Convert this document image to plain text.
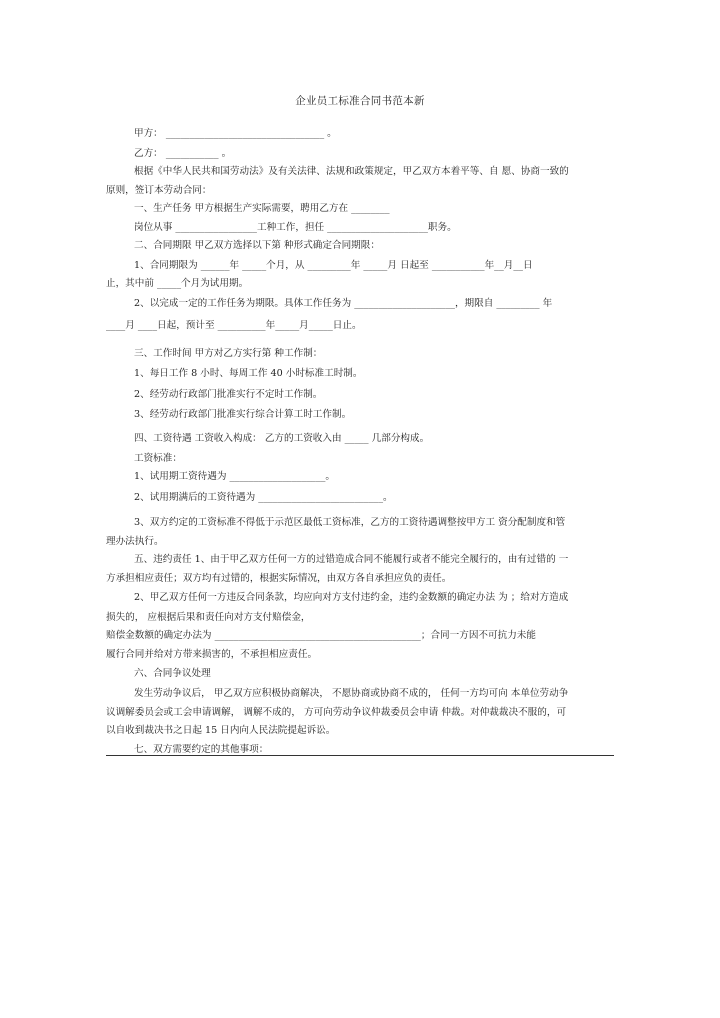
企业员工标准合同书范本新
甲方： _________________________________ 。
乙方： ___________ 。
根据《中华人民共和国劳动法》及有关法律、法规和政策规定，甲乙双方本着平等、自 愿、协商一致的
原则，签订本劳动合同：
一、生产任务 甲方根据生产实际需要，聘用乙方在 ________
岗位从事 _________________工种工作，担任 _____________________职务。
二、合同期限 甲乙双方选择以下第 种形式确定合同期限：
1、合同期限为 ______年 _____个月，从 _________年 _____月 日起至 ___________年__月__日
止，其中前 _____个月为试用期。
2、以完成一定的工作任务为期限。具体工作任务为 _____________________，期限自 _________ 年
____月 ____日起，预计至 __________年_____月_____日止。
三、工作时间 甲方对乙方实行第 种工作制：
1、每日工作 8 小时、每周工作 40 小时标准工时制。
2、经劳动行政部门批准实行不定时工作制。
3、经劳动行政部门批准实行综合计算工时工作制。
四、工资待遇 工资收入构成： 乙方的工资收入由 _____ 几部分构成。
工资标准：
1、试用期工资待遇为 ____________________。
2、试用期满后的工资待遇为 __________________________。
3、双方约定的工资标准不得低于示范区最低工资标准，乙方的工资待遇调整按甲方工 资分配制度和管
理办法执行。
五、违约责任 1、由于甲乙双方任何一方的过错造成合同不能履行或者不能完全履行的，由有过错的 一
方承担相应责任；双方均有过错的，根据实际情况，由双方各自承担应负的责任。
2、甲乙双方任何一方违反合同条款，均应向对方支付违约金，违约金数额的确定办法 为 ；给对方造成
损失的， 应根据后果和责任向对方支付赔偿金，
赔偿金数额的确定办法为 ___________________________________________；合同一方因不可抗力未能
履行合同并给对方带来损害的，不承担相应责任。
六、合同争议处理
发生劳动争议后， 甲乙双方应积极协商解决， 不愿协商或协商不成的， 任何一方均可向 本单位劳动争
议调解委员会或工会申请调解， 调解不成的， 方可向劳动争议仲裁委员会申请 仲裁。对仲裁裁决不服的，可
以自收到裁决书之日起 15 日内向人民法院提起诉讼。
七、双方需要约定的其他事项：
